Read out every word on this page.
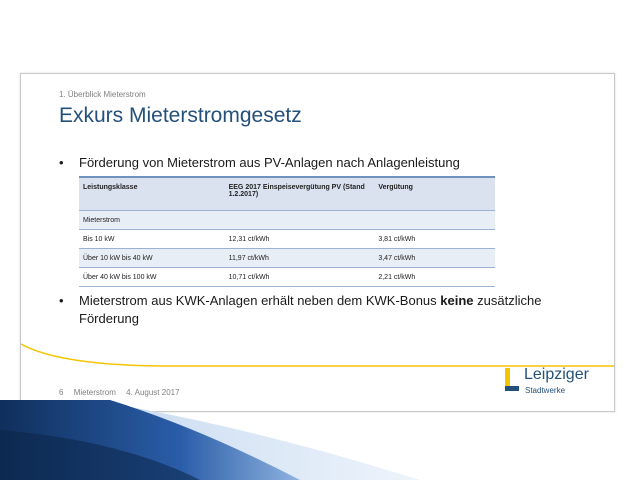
1. Überblick Mieterstrom
Exkurs Mieterstromgesetz
• Förderung von Mieterstrom aus PV-Anlagen nach Anlagenleistung
Leistungsklasse	EEG 2017 Einspeisevergütung PV (Stand 1.2.2017)	Vergütung
Mieterstrom		
Bis 10 kW	12,31 ct/kWh	3,81 ct/kWh
Über 10 kW bis 40 kW	11,97 ct/kWh	3,47 ct/kWh
Über 40 kW bis 100 kW	10,71 ct/kWh	2,21 ct/kWh
• Mieterstrom aus KWK-Anlagen erhält neben dem KWK-Bonus keine zusätzliche Förderung
6 Mieterstrom 4. August 2017
Leipziger
Stadtwerke
